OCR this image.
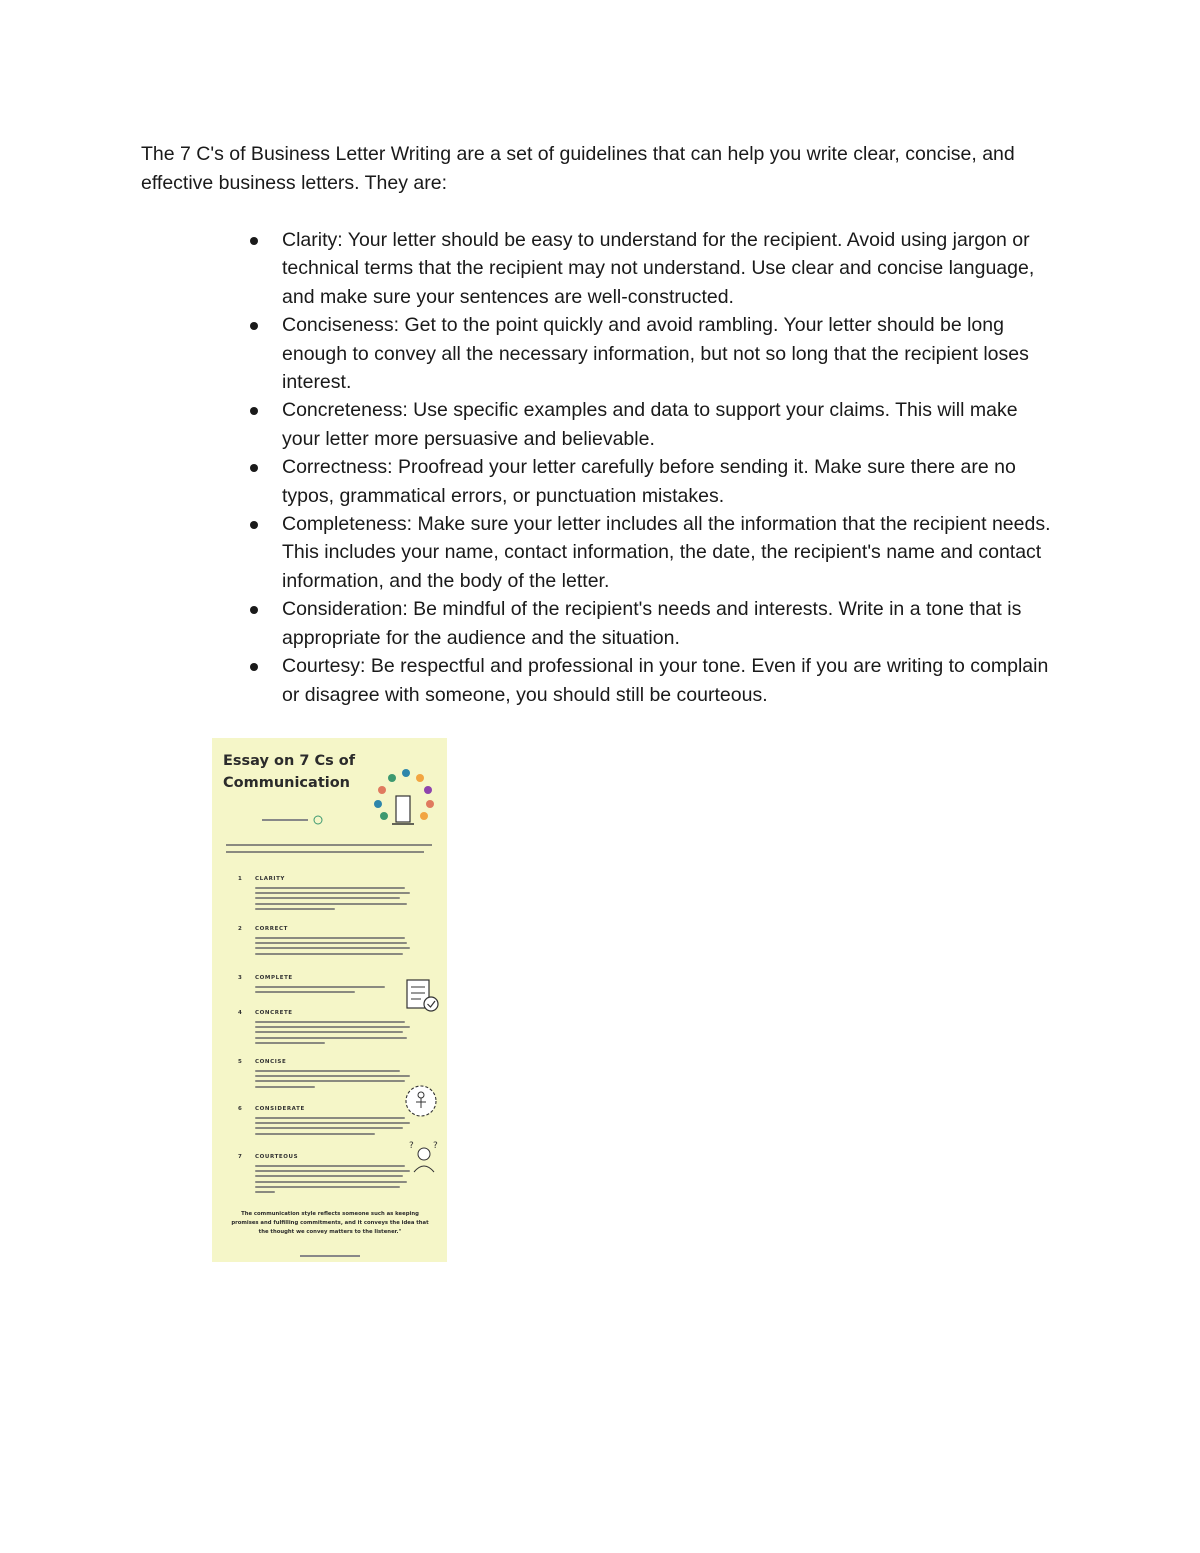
The 7 C's of Business Letter Writing are a set of guidelines that can help you write clear, concise, and effective business letters. They are:

Clarity: Your letter should be easy to understand for the recipient. Avoid using jargon or technical terms that the recipient may not understand. Use clear and concise language, and make sure your sentences are well-constructed.
Conciseness: Get to the point quickly and avoid rambling. Your letter should be long enough to convey all the necessary information, but not so long that the recipient loses interest.
Concreteness: Use specific examples and data to support your claims. This will make your letter more persuasive and believable.
Correctness: Proofread your letter carefully before sending it. Make sure there are no typos, grammatical errors, or punctuation mistakes.
Completeness: Make sure your letter includes all the information that the recipient needs. This includes your name, contact information, the date, the recipient's name and contact information, and the body of the letter.
Consideration: Be mindful of the recipient's needs and interests. Write in a tone that is appropriate for the audience and the situation.
Courtesy: Be respectful and professional in your tone. Even if you are writing to complain or disagree with someone, you should still be courteous.
Essay on 7 Cs of Communication
1 CLARITY
2 CORRECT
3 COMPLETE
4 CONCRETE
5 CONCISE
6 CONSIDERATE
? ?
7 COURTEOUS
The communication style reflects someone such as keeping promises and fulfilling commitments, and it conveys the idea that the thought we convey matters to the listener."
